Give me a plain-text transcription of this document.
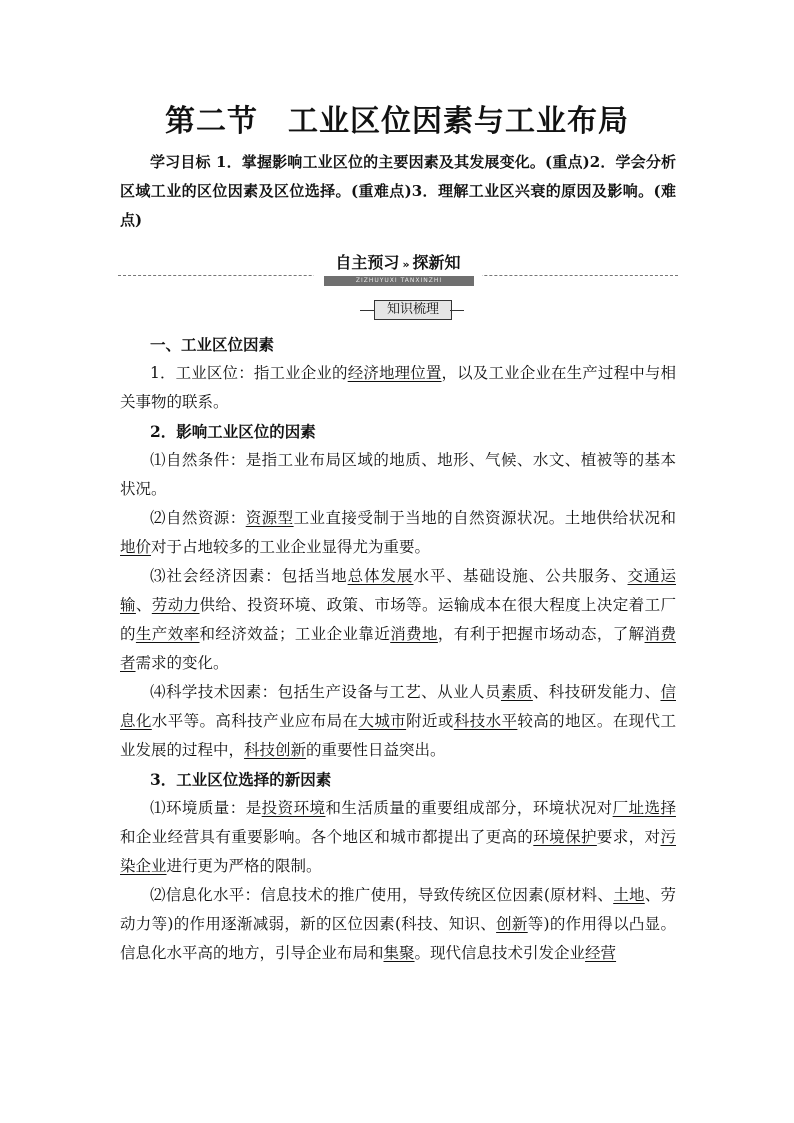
第二节 工业区位因素与工业布局

学习目标 1．掌握影响工业区位的主要因素及其发展变化。(重点)2．学会分析区域工业的区位因素及区位选择。(重难点)3．理解工业区兴衰的原因及影响。(难点)

自主预习 » 探新知
ZIZHUYUXI TANXINZHI
知识梳理

一、工业区位因素

1．工业区位：指工业企业的经济地理位置，以及工业企业在生产过程中与相关事物的联系。

2．影响工业区位的因素

⑴自然条件：是指工业布局区域的地质、地形、气候、水文、植被等的基本状况。

⑵自然资源：资源型工业直接受制于当地的自然资源状况。土地供给状况和地价对于占地较多的工业企业显得尤为重要。

⑶社会经济因素：包括当地总体发展水平、基础设施、公共服务、交通运输、劳动力供给、投资环境、政策、市场等。运输成本在很大程度上决定着工厂的生产效率和经济效益；工业企业靠近消费地，有利于把握市场动态，了解消费者需求的变化。

⑷科学技术因素：包括生产设备与工艺、从业人员素质、科技研发能力、信息化水平等。高科技产业应布局在大城市附近或科技水平较高的地区。在现代工业发展的过程中，科技创新的重要性日益突出。

3．工业区位选择的新因素

⑴环境质量：是投资环境和生活质量的重要组成部分，环境状况对厂址选择和企业经营具有重要影响。各个地区和城市都提出了更高的环境保护要求，对污染企业进行更为严格的限制。

⑵信息化水平：信息技术的推广使用，导致传统区位因素(原材料、土地、劳动力等)的作用逐渐减弱，新的区位因素(科技、知识、创新等)的作用得以凸显。信息化水平高的地方，引导企业布局和集聚。现代信息技术引发企业经营
